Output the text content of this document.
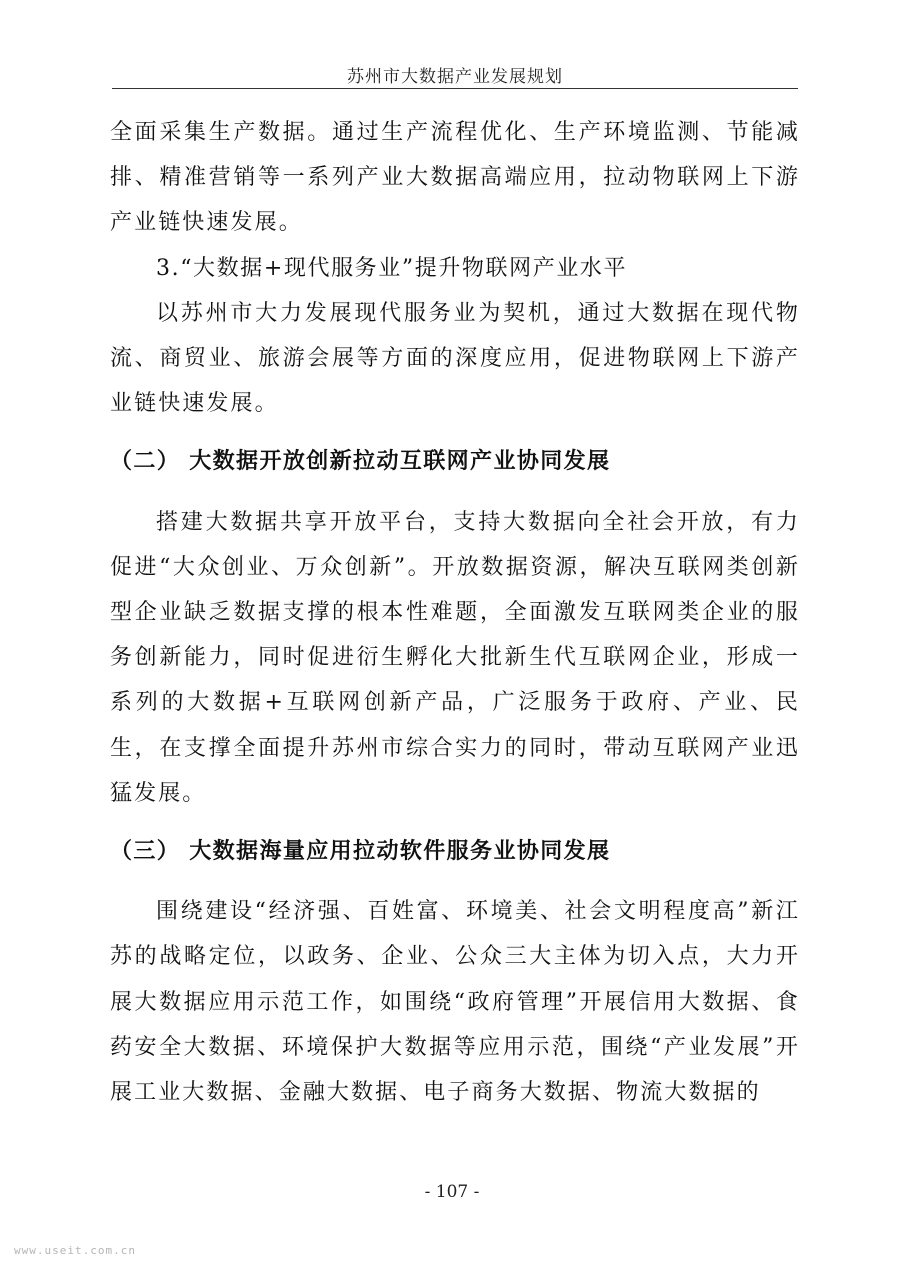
苏州市大数据产业发展规划

全面采集生产数据。通过生产流程优化、生产环境监测、节能减排、精准营销等一系列产业大数据高端应用，拉动物联网上下游产业链快速发展。

3.“大数据+现代服务业”提升物联网产业水平

以苏州市大力发展现代服务业为契机，通过大数据在现代物流、商贸业、旅游会展等方面的深度应用，促进物联网上下游产业链快速发展。

（二） 大数据开放创新拉动互联网产业协同发展

搭建大数据共享开放平台，支持大数据向全社会开放，有力促进“大众创业、万众创新”。开放数据资源，解决互联网类创新型企业缺乏数据支撑的根本性难题，全面激发互联网类企业的服务创新能力，同时促进衍生孵化大批新生代互联网企业，形成一系列的大数据+互联网创新产品，广泛服务于政府、产业、民生，在支撑全面提升苏州市综合实力的同时，带动互联网产业迅猛发展。

（三） 大数据海量应用拉动软件服务业协同发展

围绕建设“经济强、百姓富、环境美、社会文明程度高”新江苏的战略定位，以政务、企业、公众三大主体为切入点，大力开展大数据应用示范工作，如围绕“政府管理”开展信用大数据、食药安全大数据、环境保护大数据等应用示范，围绕“产业发展”开展工业大数据、金融大数据、电子商务大数据、物流大数据的

- 107 -
www.useit.com.cn
